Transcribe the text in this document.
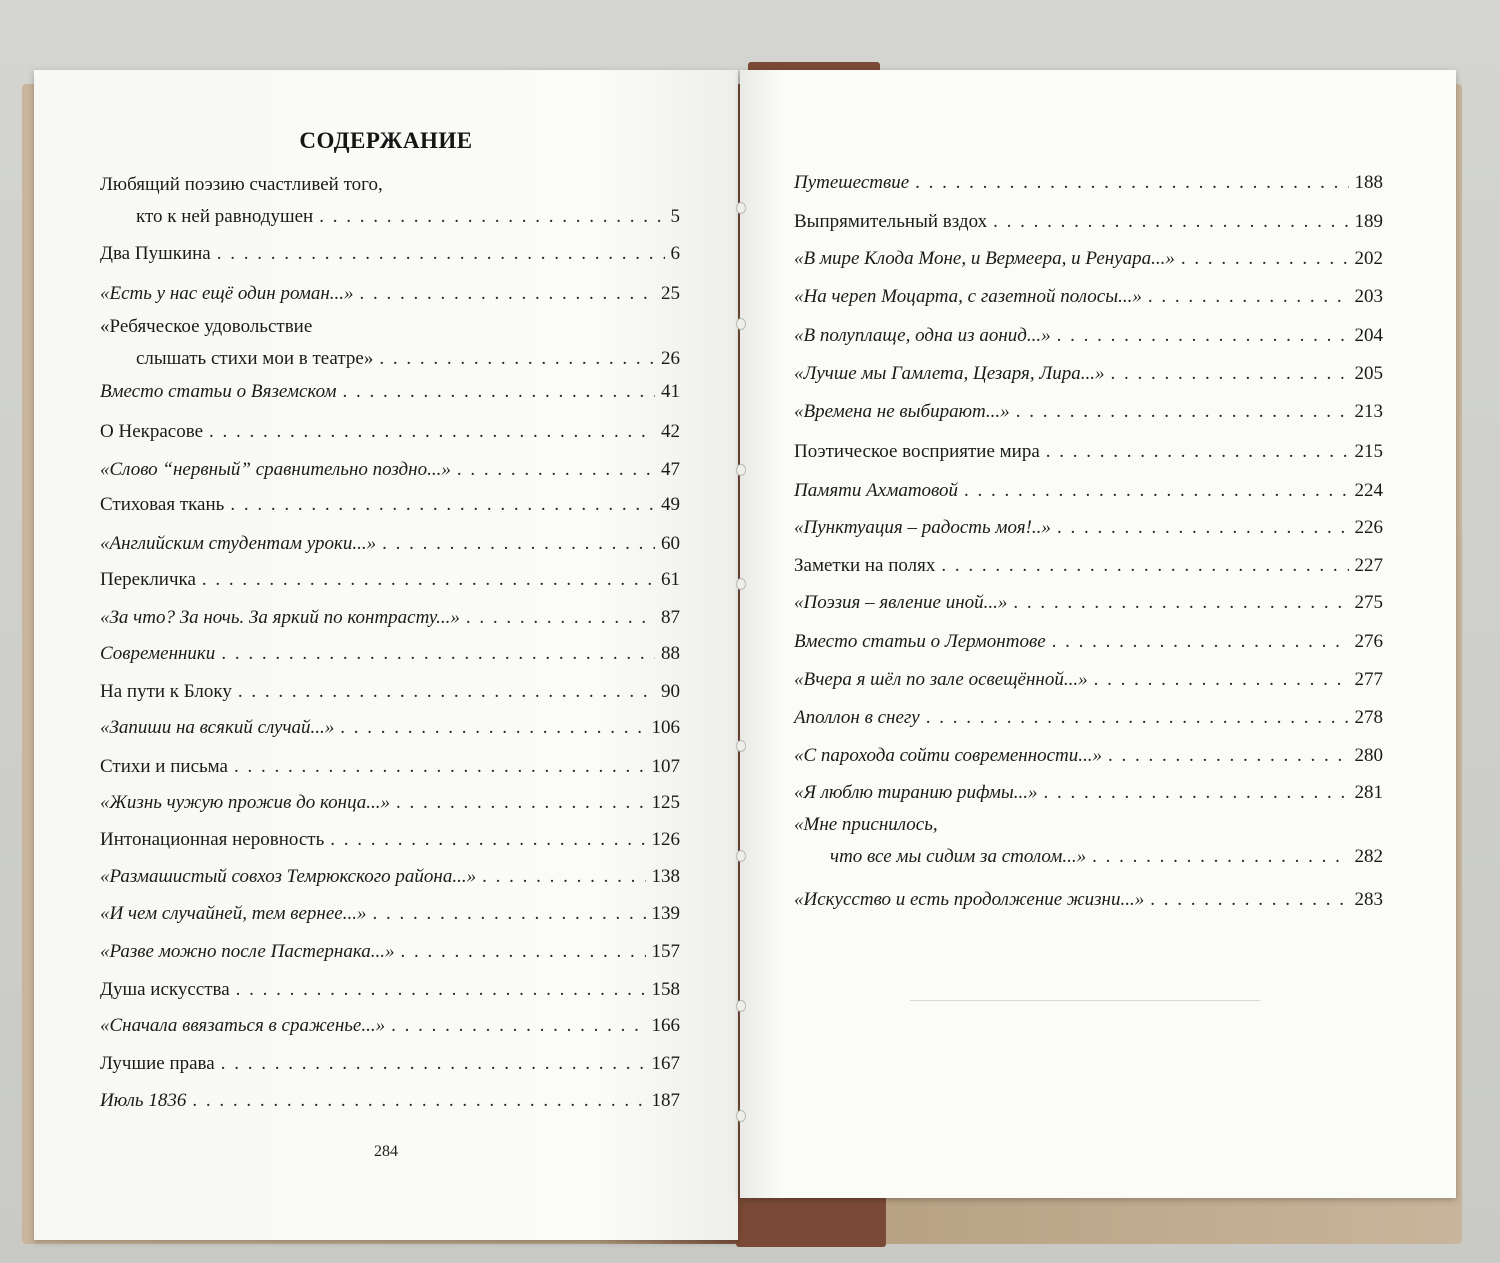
СОДЕРЖАНИЕ
Любящий поэзию счастливей того,
кто к ней равнодушен . . .	5
Два Пушкина . . .	6
«Есть у нас ещё один роман...» . . .	25
«Ребяческое удовольствие
слышать стихи мои в театре» . . .	26
Вместо статьи о Вяземском . . .	41
О Некрасове . . .	42
«Слово “нервный” сравнительно поздно...» . . .	47
Стиховая ткань . . .	49
«Английским студентам уроки...» . . .	60
Перекличка . . .	61
«За что? За ночь. За яркий по контрасту...» . . .	87
Современники . . .	88
На пути к Блоку . . .	90
«Запиши на всякий случай...» . . .	106
Стихи и письма . . .	107
«Жизнь чужую прожив до конца...» . . .	125
Интонационная неровность . . .	126
«Размашистый совхоз Темрюкского района...» . . .	138
«И чем случайней, тем вернее...» . . .	139
«Разве можно после Пастернака...» . . .	157
Душа искусства . . .	158
«Сначала ввязаться в сраженье...» . . .	166
Лучшие права . . .	167
Июль 1836 . . .	187
Путешествие . . .	188
Выпрямительный вздох . . .	189
«В мире Клода Моне, и Вермеера, и Ренуара...» . . .	202
«На череп Моцарта, с газетной полосы...» . . .	203
«В полуплаще, одна из аонид...» . . .	204
«Лучше мы Гамлета, Цезаря, Лира...» . . .	205
«Времена не выбирают...» . . .	213
Поэтическое восприятие мира . . .	215
Памяти Ахматовой . . .	224
«Пунктуация – радость моя!..» . . .	226
Заметки на полях . . .	227
«Поэзия – явление иной...» . . .	275
Вместо статьи о Лермонтове . . .	276
«Вчера я шёл по зале освещённой...» . . .	277
Аполлон в снегу . . .	278
«С парохода сойти современности...» . . .	280
«Я люблю тиранию рифмы...» . . .	281
«Мне приснилось,
что все мы сидим за столом...» . . .	282
«Искусство и есть продолжение жизни...» . . .	283
284
